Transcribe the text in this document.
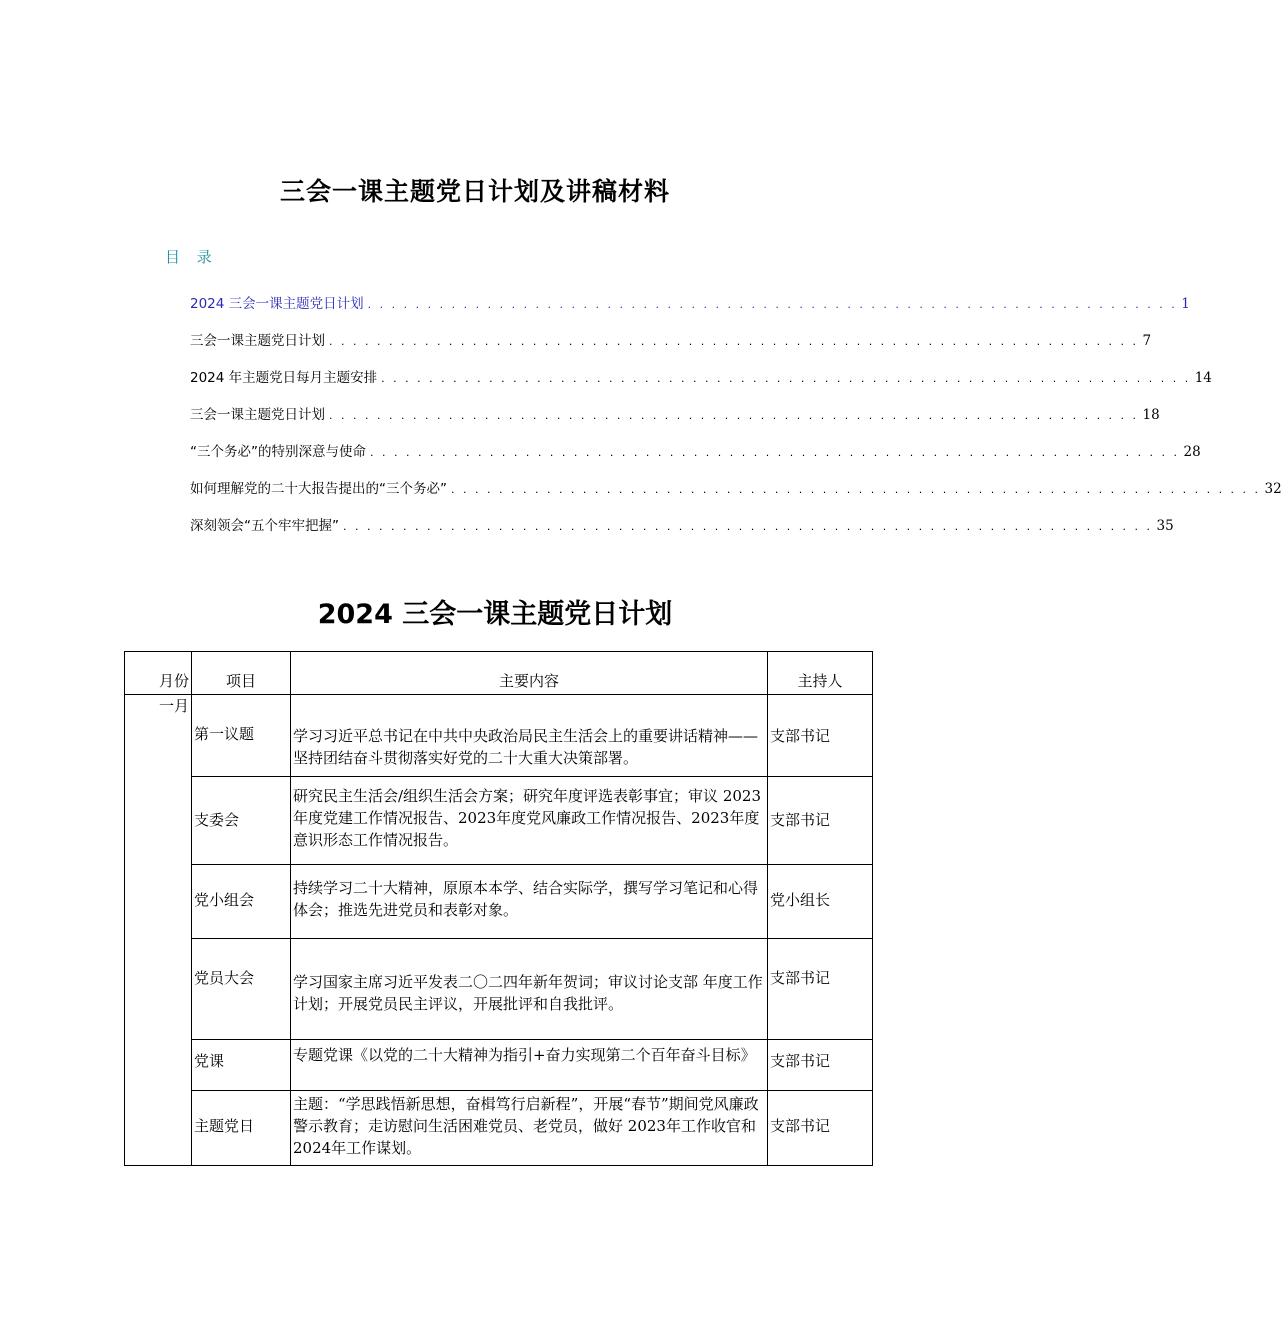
三会一课主题党日计划及讲稿材料
目 录
2024 三会一课主题党日计划 . . . . . . . . . . . . . . . . . . . . . . . . . . . . . . . . . . . . . . . . . . . . . . . . . . . . . . . . . . . . . . . . . . . . 1
三会一课主题党日计划 . . . . . . . . . . . . . . . . . . . . . . . . . . . . . . . . . . . . . . . . . . . . . . . . . . . . . . . . . . . . . . . . . . . . 7
2024 年主题党日每月主题安排 . . . . . . . . . . . . . . . . . . . . . . . . . . . . . . . . . . . . . . . . . . . . . . . . . . . . . . . . . . . . . . . . . . . . 14
三会一课主题党日计划 . . . . . . . . . . . . . . . . . . . . . . . . . . . . . . . . . . . . . . . . . . . . . . . . . . . . . . . . . . . . . . . . . . . . 18
“三个务必”的特别深意与使命 . . . . . . . . . . . . . . . . . . . . . . . . . . . . . . . . . . . . . . . . . . . . . . . . . . . . . . . . . . . . . . . . . . . . 28
如何理解党的二十大报告提出的“三个务必” . . . . . . . . . . . . . . . . . . . . . . . . . . . . . . . . . . . . . . . . . . . . . . . . . . . . . . . . . . . . . . . . . . . . 32
深刻领会“五个牢牢把握” . . . . . . . . . . . . . . . . . . . . . . . . . . . . . . . . . . . . . . . . . . . . . . . . . . . . . . . . . . . . . . . . . . . . 35
2024 三会一课主题党日计划
月份	项目	主要内容	主持人
一月	第一议题	学习习近平总书记在中共中央政治局民主生活会上的重要讲话精神——坚持团结奋斗贯彻落实好党的二十大重大决策部署。	支部书记
	支委会	研究民主生活会/组织生活会方案；研究年度评选表彰事宜；审议 2023年度党建工作情况报告、2023年度党风廉政工作情况报告、2023年度意识形态工作情况报告。	支部书记
	党小组会	持续学习二十大精神，原原本本学、结合实际学，撰写学习笔记和心得体会；推选先进党员和表彰对象。	党小组长
	党员大会	学习国家主席习近平发表二〇二四年新年贺词；审议讨论支部 年度工作计划；开展党员民主评议，开展批评和自我批评。	支部书记
	党课	专题党课《以党的二十大精神为指引+奋力实现第二个百年奋斗目标》	支部书记
	主题党日	主题：“学思践悟新思想，奋楫笃行启新程”，开展“春节”期间党风廉政警示教育；走访慰问生活困难党员、老党员，做好 2023年工作收官和 2024年工作谋划。	支部书记
